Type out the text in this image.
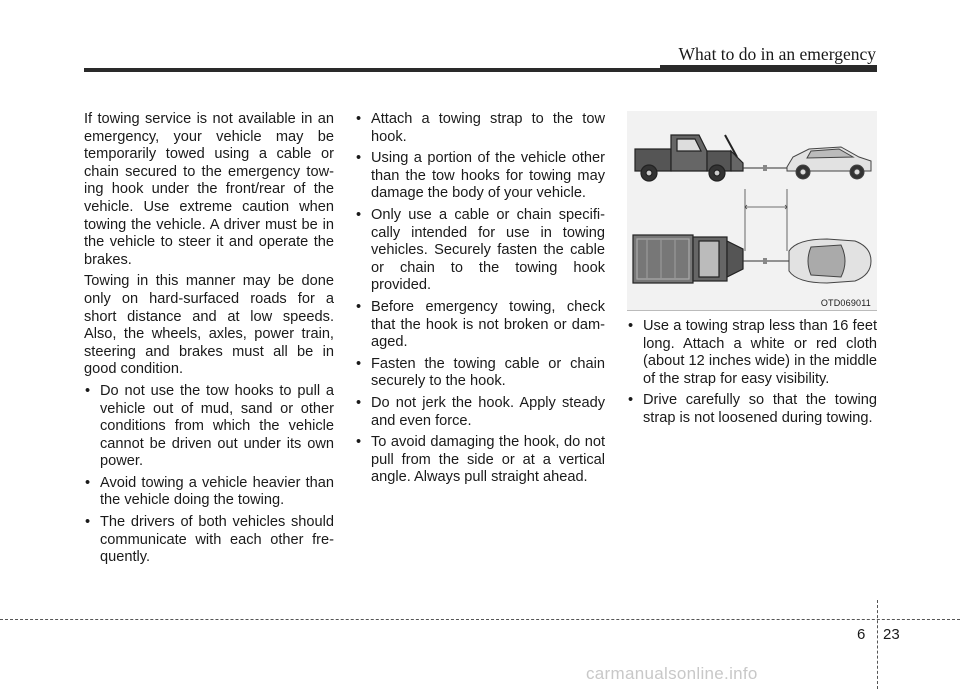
What to do in an emergency

If towing service is not available in an emergency, your vehicle may be temporarily towed using a cable or chain secured to the emergency towing hook under the front/rear of the vehicle. Use extreme caution when towing the vehicle. A driver must be in the vehicle to steer it and operate the brakes.

Towing in this manner may be done only on hard-surfaced roads for a short distance and at low speeds. Also, the wheels, axles, power train, steering and brakes must all be in good condition.

• Do not use the tow hooks to pull a vehicle out of mud, sand or other conditions from which the vehicle cannot be driven out under its own power.
• Avoid towing a vehicle heavier than the vehicle doing the towing.
• The drivers of both vehicles should communicate with each other frequently.
• Attach a towing strap to the tow hook.
• Using a portion of the vehicle other than the tow hooks for towing may damage the body of your vehicle.
• Only use a cable or chain specifically intended for use in towing vehicles. Securely fasten the cable or chain to the towing hook provided.
• Before emergency towing, check that the hook is not broken or damaged.
• Fasten the towing cable or chain securely to the hook.
• Do not jerk the hook. Apply steady and even force.
• To avoid damaging the hook, do not pull from the side or at a vertical angle. Always pull straight ahead.
OTD069011
• Use a towing strap less than 16 feet long. Attach a white or red cloth (about 12 inches wide) in the middle of the strap for easy visibility.
• Drive carefully so that the towing strap is not loosened during towing.
6 23
carmanualsonline.info
